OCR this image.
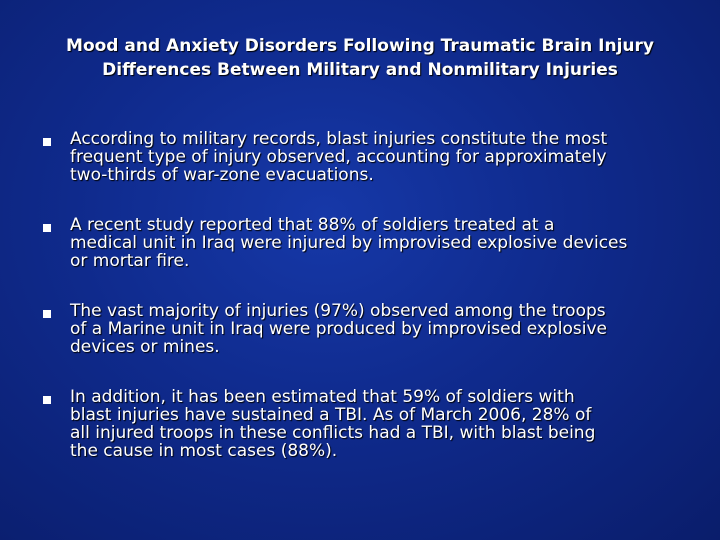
Mood and Anxiety Disorders Following Traumatic Brain Injury
Differences Between Military and Nonmilitary Injuries
According to military records, blast injuries constitute the most
frequent type of injury observed, accounting for approximately
two-thirds of war-zone evacuations.
A recent study reported that 88% of soldiers treated at a
medical unit in Iraq were injured by improvised explosive devices
or mortar fire.
The vast majority of injuries (97%) observed among the troops
of a Marine unit in Iraq were produced by improvised explosive
devices or mines.
In addition, it has been estimated that 59% of soldiers with
blast injuries have sustained a TBI. As of March 2006, 28% of
all injured troops in these conflicts had a TBI, with blast being
the cause in most cases (88%).
